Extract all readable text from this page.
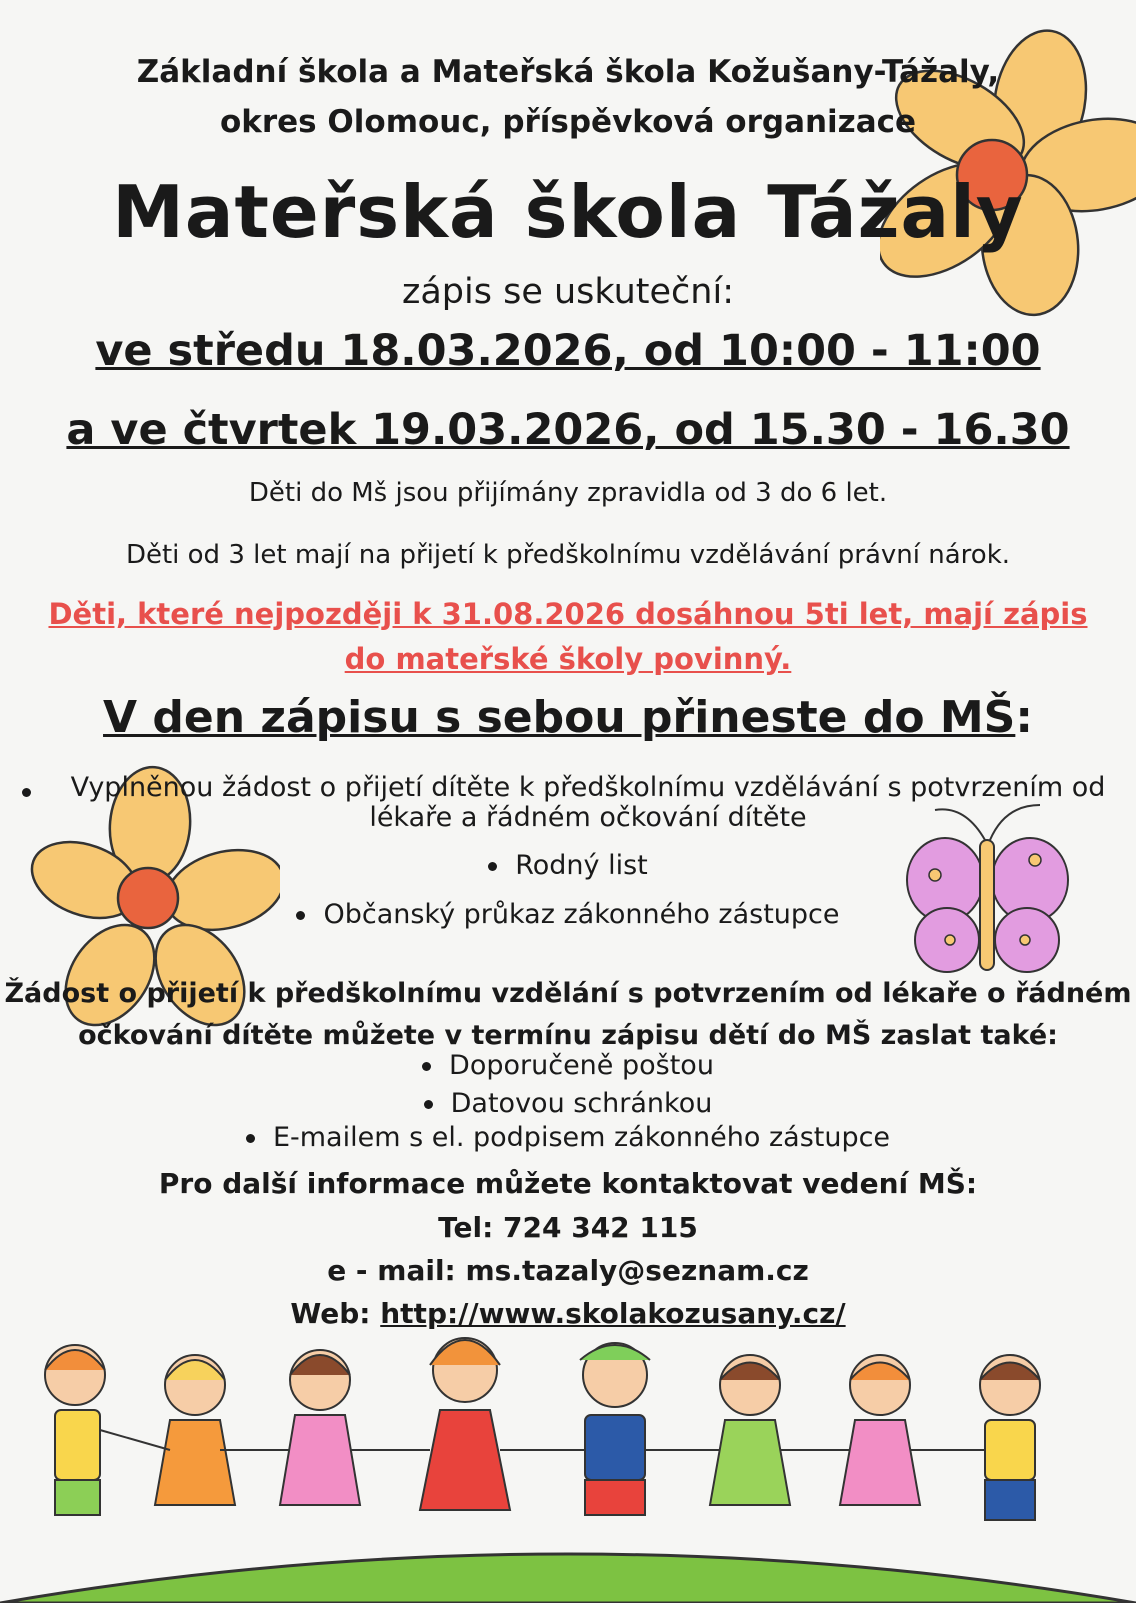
Základní škola a Mateřská škola Kožušany-Tážaly,
okres Olomouc, příspěvková organizace
Mateřská škola Tážaly
zápis se uskuteční:
ve středu 18.03.2026, od 10:00 - 11:00
a ve čtvrtek 19.03.2026, od 15.30 - 16.30
Děti do Mš jsou přijímány zpravidla od 3 do 6 let.
Děti od 3 let mají na přijetí k předškolnímu vzdělávání právní nárok.
Děti, které nejpozději k 31.08.2026 dosáhnou 5ti let, mají zápis
do mateřské školy povinný.
V den zápisu s sebou přineste do MŠ:
Vyplněnou žádost o přijetí dítěte k předškolnímu vzdělávání s potvrzením od
lékaře a řádném očkování dítěte
Rodný list
Občanský průkaz zákonného zástupce
Žádost o přijetí k předškolnímu vzdělání s potvrzením od lékaře o řádném
očkování dítěte můžete v termínu zápisu dětí do MŠ zaslat také:
Doporučeně poštou
Datovou schránkou
E-mailem s el. podpisem zákonného zástupce
Pro další informace můžete kontaktovat vedení MŠ:
Tel: 724 342 115
e - mail: ms.tazaly@seznam.cz
Web: http://www.skolakozusany.cz/
